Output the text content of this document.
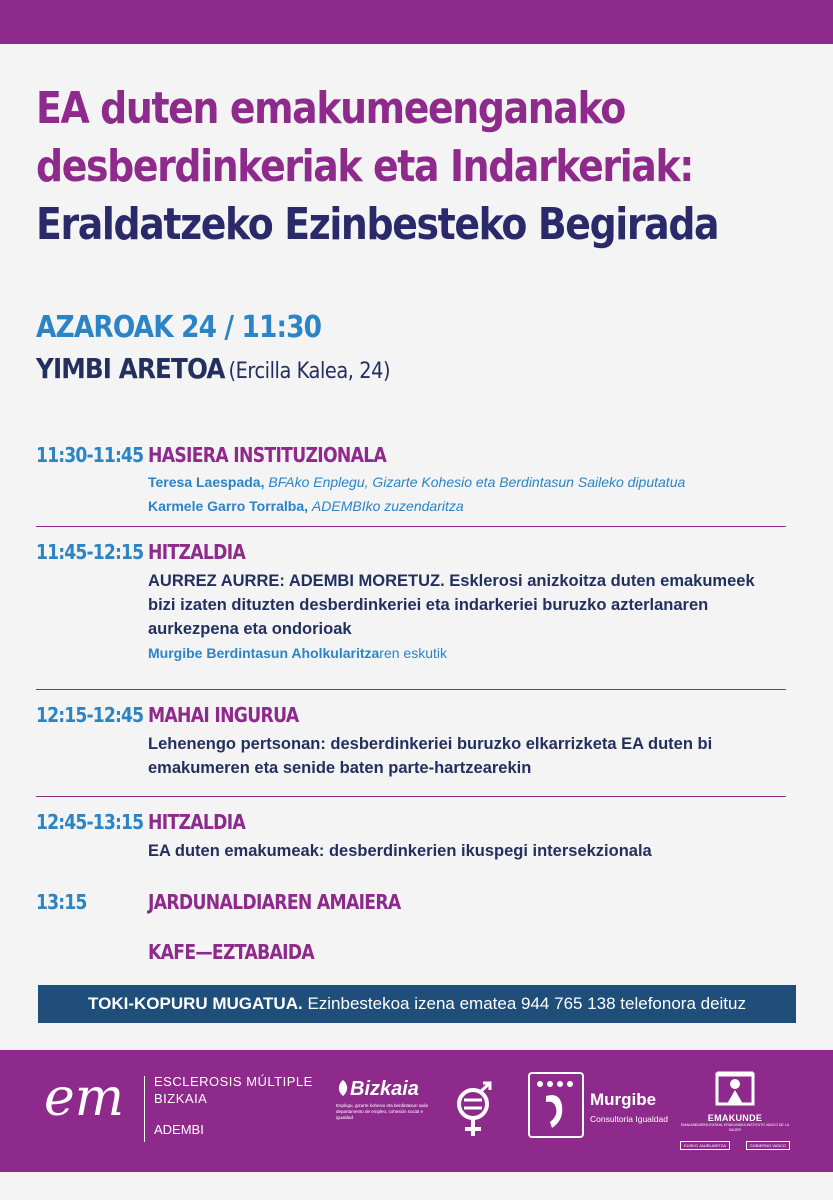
EA duten emakumeenganako
desberdinkeriak eta Indarkeriak:
Eraldatzeko Ezinbesteko Begirada
AZAROAK 24 / 11:30
YIMBI ARETOA (Ercilla Kalea, 24)
11:30-11:45 HASIERA INSTITUZIONALA
Teresa Laespada, BFAko Enplegu, Gizarte Kohesio eta Berdintasun Saileko diputatua
Karmele Garro Torralba, ADEMBIko zuzendaritza
11:45-12:15 HITZALDIA
AURREZ AURRE: ADEMBI MORETUZ. Esklerosi anizkoitza duten emakumeek bizi izaten dituzten desberdinkeriei eta indarkeriei buruzko azterlanaren aurkezpena eta ondorioak
Murgibe Berdintasun Aholkularitzaren eskutik
12:15-12:45 MAHAI INGURUA
Lehenengo pertsonan: desberdinkeriei buruzko elkarrizketa EA duten bi emakumeren eta senide baten parte-hartzearekin
12:45-13:15 HITZALDIA
EA duten emakumeak: desberdinkerien ikuspegi intersekzionala
13:15	JARDUNALDIAREN AMAIERA
KAFE—EZTABAIDA
TOKI-KOPURU MUGATUA. Ezinbestekoa izena ematea 944 765 138 telefonora deituz
em ESCLEROSIS MÚLTIPLE
BIZKAIA
ADEMBI
Bizkaia
Enplegu, gizarte kohesio eta berdintasun saila departamento de empleo, cohesión social e igualdad
Murgibe
Consultoria Igualdad	EMAKUNDE
EMAKUMEAREN EUSKAL ERAKUNDEA INSTITUTO VASCO DE LA MUJER
EUSKO JAURLARITZA	GOBIERNO VASCO
